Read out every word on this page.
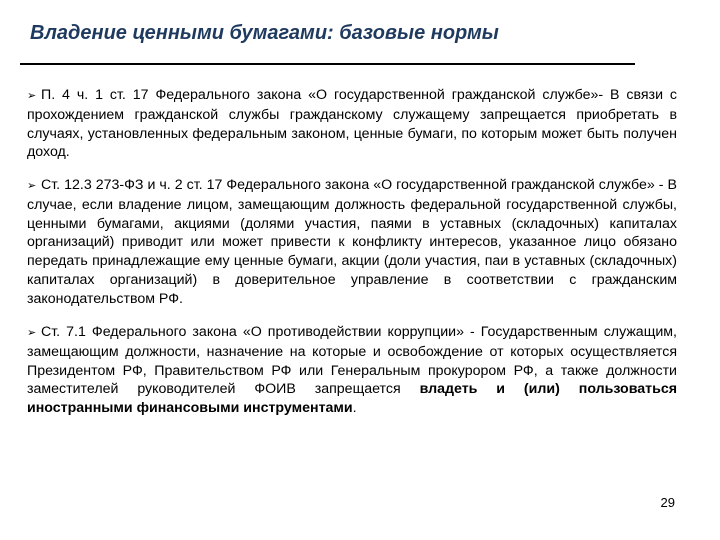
Владение ценными бумагами: базовые нормы

➢ П. 4 ч. 1 ст. 17 Федерального закона «О государственной гражданской службе»- В связи с прохождением гражданской службы гражданскому служащему запрещается приобретать в случаях, установленных федеральным законом, ценные бумаги, по которым может быть получен доход.

➢ Ст. 12.3 273-ФЗ и ч. 2 ст. 17 Федерального закона «О государственной гражданской службе» - В случае, если владение лицом, замещающим должность федеральной государственной службы, ценными бумагами, акциями (долями участия, паями в уставных (складочных) капиталах организаций) приводит или может привести к конфликту интересов, указанное лицо обязано передать принадлежащие ему ценные бумаги, акции (доли участия, паи в уставных (складочных) капиталах организаций) в доверительное управление в соответствии с гражданским законодательством РФ.

➢ Ст. 7.1 Федерального закона «О противодействии коррупции» - Государственным служащим, замещающим должности, назначение на которые и освобождение от которых осуществляется Президентом РФ, Правительством РФ или Генеральным прокурором РФ, а также должности заместителей руководителей ФОИВ запрещается владеть и (или) пользоваться иностранными финансовыми инструментами.

29
